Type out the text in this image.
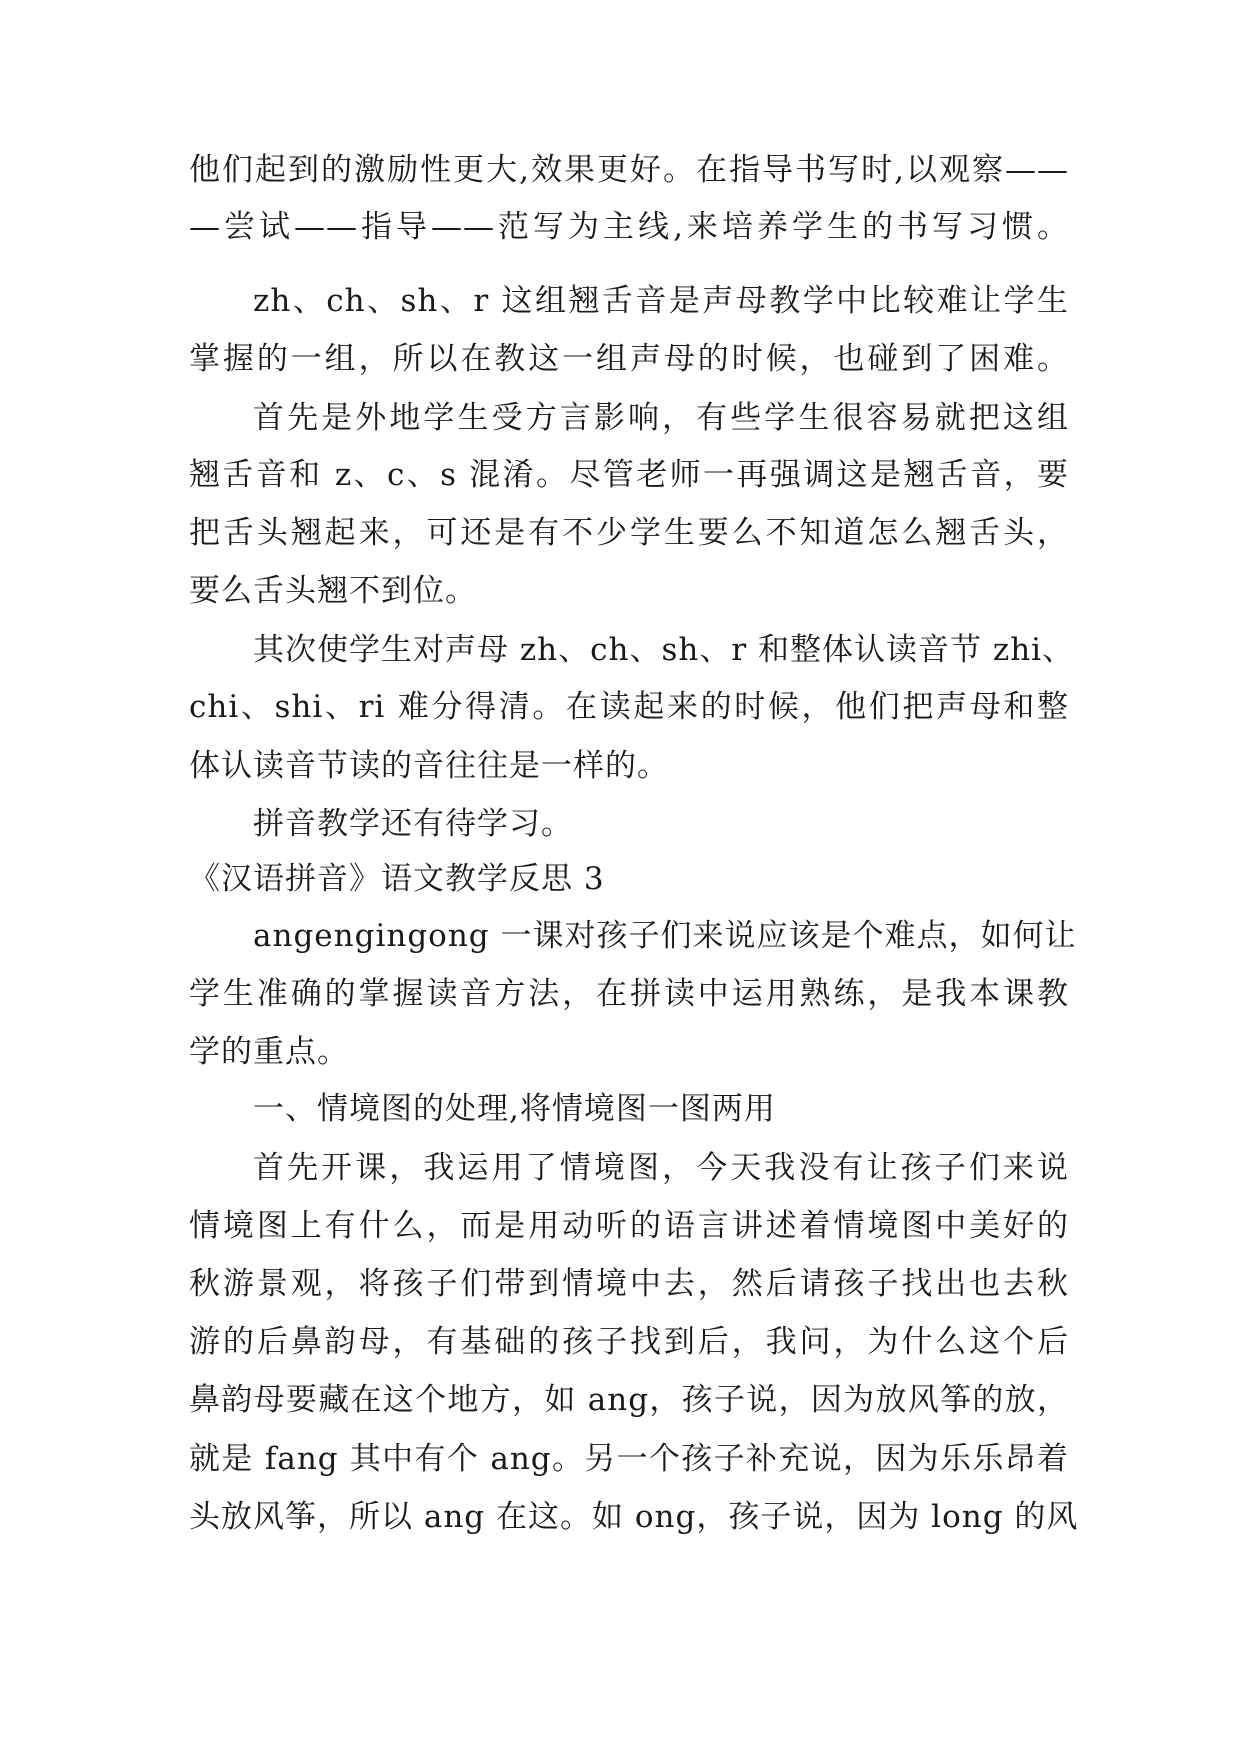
他们起到的激励性更大,效果更好。在指导书写时,以观察——
—尝试——指导——范写为主线,来培养学生的书写习惯。
zh、ch、sh、r 这组翘舌音是声母教学中比较难让学生
掌握的一组，所以在教这一组声母的时候，也碰到了困难。
首先是外地学生受方言影响，有些学生很容易就把这组
翘舌音和 z、c、s 混淆。尽管老师一再强调这是翘舌音，要
把舌头翘起来，可还是有不少学生要么不知道怎么翘舌头，
要么舌头翘不到位。
其次使学生对声母 zh、ch、sh、r 和整体认读音节 zhi、
chi、shi、ri 难分得清。在读起来的时候，他们把声母和整
体认读音节读的音往往是一样的。
拼音教学还有待学习。
《汉语拼音》语文教学反思 3
angengingong 一课对孩子们来说应该是个难点，如何让
学生准确的掌握读音方法，在拼读中运用熟练，是我本课教
学的重点。
一、情境图的处理,将情境图一图两用
首先开课，我运用了情境图，今天我没有让孩子们来说
情境图上有什么，而是用动听的语言讲述着情境图中美好的
秋游景观，将孩子们带到情境中去，然后请孩子找出也去秋
游的后鼻韵母，有基础的孩子找到后，我问，为什么这个后
鼻韵母要藏在这个地方，如 ang，孩子说，因为放风筝的放，
就是 fang 其中有个 ang。另一个孩子补充说，因为乐乐昂着
头放风筝，所以 ang 在这。如 ong，孩子说，因为 long 的风
